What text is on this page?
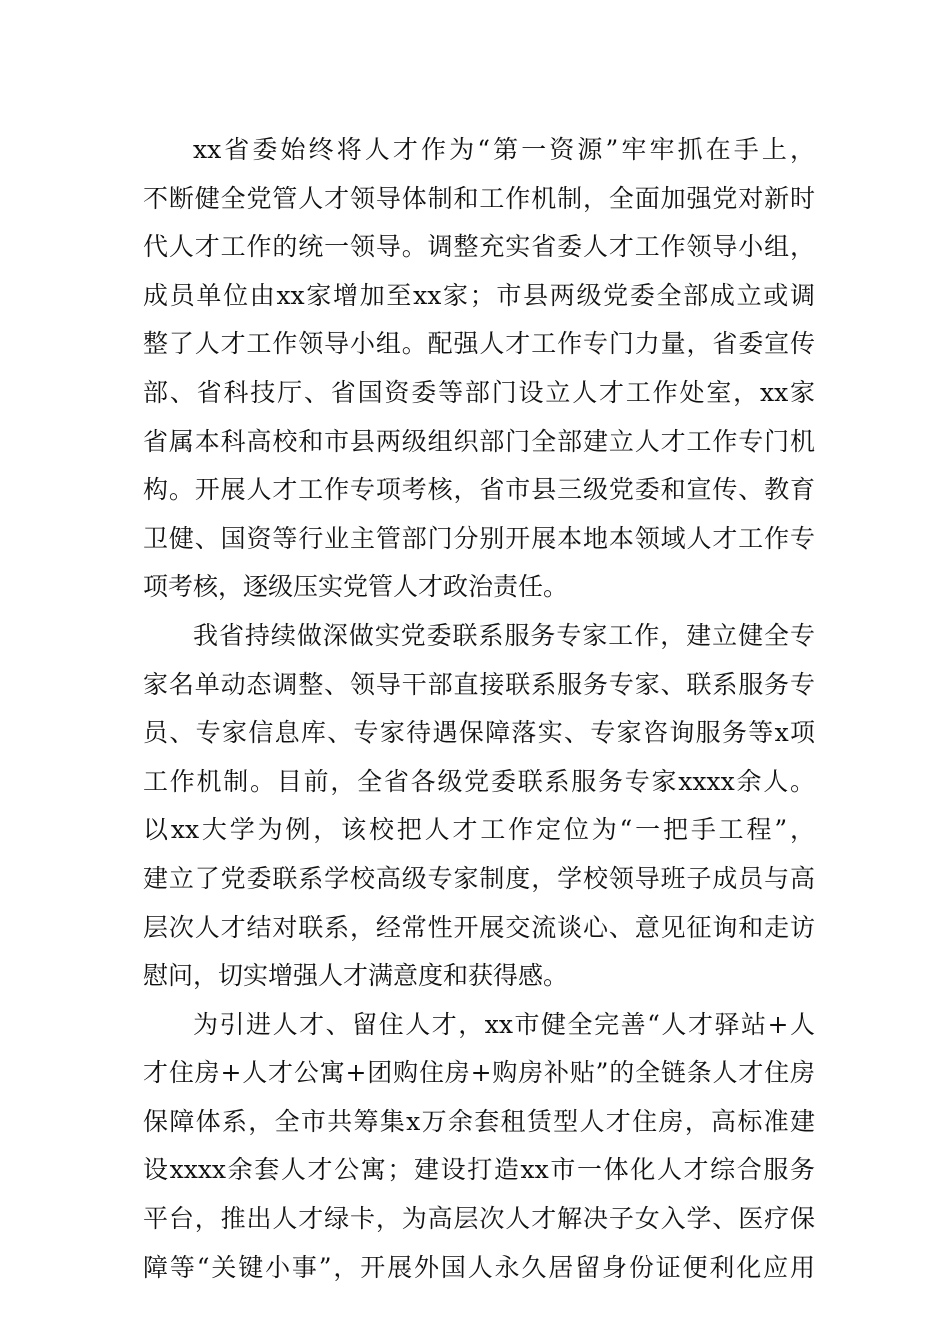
xx省委始终将人才作为“第一资源”牢牢抓在手上，
不断健全党管人才领导体制和工作机制，全面加强党对新时
代人才工作的统一领导。调整充实省委人才工作领导小组，
成员单位由xx家增加至xx家；市县两级党委全部成立或调
整了人才工作领导小组。配强人才工作专门力量，省委宣传
部、省科技厅、省国资委等部门设立人才工作处室，xx家
省属本科高校和市县两级组织部门全部建立人才工作专门机
构。开展人才工作专项考核，省市县三级党委和宣传、教育
卫健、国资等行业主管部门分别开展本地本领域人才工作专
项考核，逐级压实党管人才政治责任。
我省持续做深做实党委联系服务专家工作，建立健全专
家名单动态调整、领导干部直接联系服务专家、联系服务专
员、专家信息库、专家待遇保障落实、专家咨询服务等x项
工作机制。目前，全省各级党委联系服务专家xxxx余人。
以xx大学为例，该校把人才工作定位为“一把手工程”，
建立了党委联系学校高级专家制度，学校领导班子成员与高
层次人才结对联系，经常性开展交流谈心、意见征询和走访
慰问，切实增强人才满意度和获得感。
为引进人才、留住人才，xx市健全完善“人才驿站+人
才住房+人才公寓+团购住房+购房补贴”的全链条人才住房
保障体系，全市共筹集x万余套租赁型人才住房，高标准建
设xxxx余套人才公寓；建设打造xx市一体化人才综合服务
平台，推出人才绿卡，为高层次人才解决子女入学、医疗保
障等“关键小事”，开展外国人永久居留身份证便利化应用
